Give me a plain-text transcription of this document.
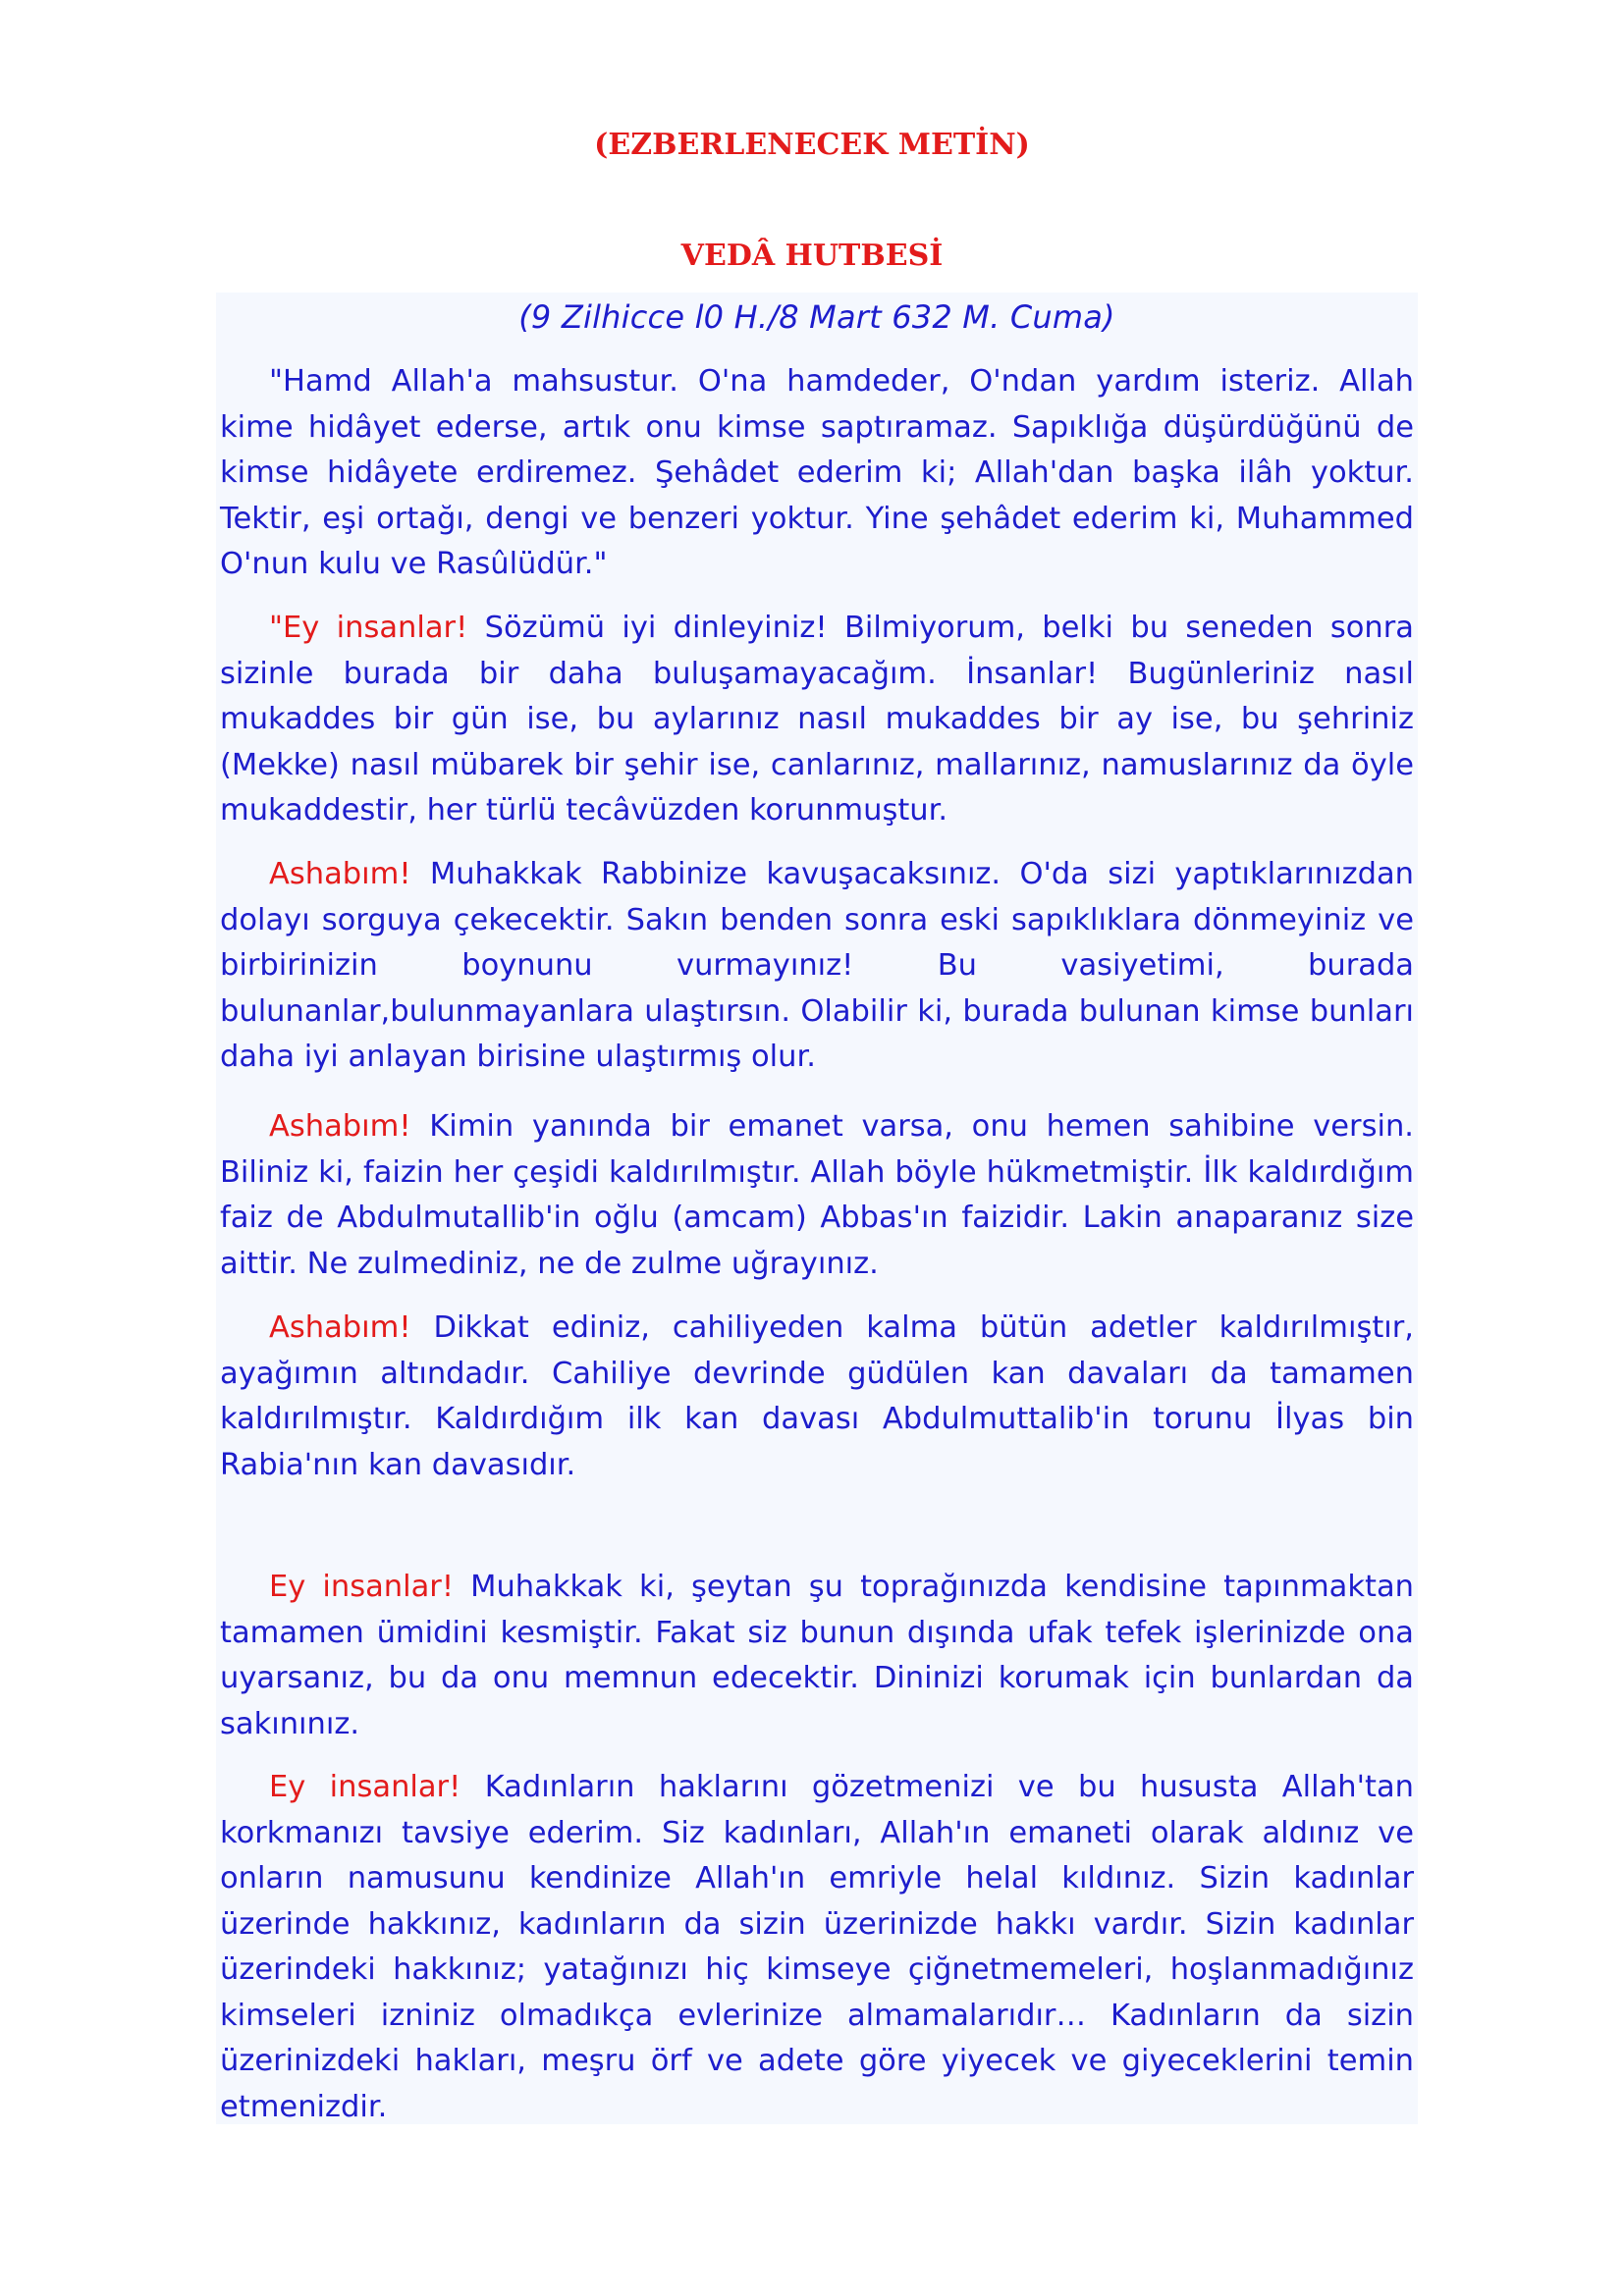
(EZBERLENECEK METİN)
VEDÂ HUTBESİ

(9 Zilhicce l0 H./8 Mart 632 M. Cuma)

"Hamd Allah'a mahsustur. O'na hamdeder, O'ndan yardım isteriz. Allah kime hidâyet ederse, artık onu kimse saptıramaz. Sapıklığa düşürdüğünü de kimse hidâyete erdiremez. Şehâdet ederim ki; Allah'dan başka ilâh yoktur. Tektir, eşi ortağı, dengi ve benzeri yoktur. Yine şehâdet ederim ki, Muhammed O'nun kulu ve Rasûlüdür."

"Ey insanlar! Sözümü iyi dinleyiniz! Bilmiyorum, belki bu seneden sonra sizinle burada bir daha buluşamayacağım. İnsanlar! Bugünleriniz nasıl mukaddes bir gün ise, bu aylarınız nasıl mukaddes bir ay ise, bu şehriniz (Mekke) nasıl mübarek bir şehir ise, canlarınız, mallarınız, namuslarınız da öyle mukaddestir, her türlü tecâvüzden korunmuştur.

Ashabım! Muhakkak Rabbinize kavuşacaksınız. O'da sizi yaptıklarınızdan dolayı sorguya çekecektir. Sakın benden sonra eski sapıklıklara dönmeyiniz ve birbirinizin boynunu vurmayınız! Bu vasiyetimi, burada bulunanlar,bulunmayanlara ulaştırsın. Olabilir ki, burada bulunan kimse bunları daha iyi anlayan birisine ulaştırmış olur.

Ashabım! Kimin yanında bir emanet varsa, onu hemen sahibine versin. Biliniz ki, faizin her çeşidi kaldırılmıştır. Allah böyle hükmetmiştir. İlk kaldırdığım faiz de Abdulmutallib'in oğlu (amcam) Abbas'ın faizidir. Lakin anaparanız size aittir. Ne zulmediniz, ne de zulme uğrayınız.

Ashabım! Dikkat ediniz, cahiliyeden kalma bütün adetler kaldırılmıştır, ayağımın altındadır. Cahiliye devrinde güdülen kan davaları da tamamen kaldırılmıştır. Kaldırdığım ilk kan davası Abdulmuttalib'in torunu İlyas bin Rabia'nın kan davasıdır.

Ey insanlar! Muhakkak ki, şeytan şu toprağınızda kendisine tapınmaktan tamamen ümidini kesmiştir. Fakat siz bunun dışında ufak tefek işlerinizde ona uyarsanız, bu da onu memnun edecektir. Dininizi korumak için bunlardan da sakınınız.

Ey insanlar! Kadınların haklarını gözetmenizi ve bu hususta Allah'tan korkmanızı tavsiye ederim. Siz kadınları, Allah'ın emaneti olarak aldınız ve onların namusunu kendinize Allah'ın emriyle helal kıldınız. Sizin kadınlar üzerinde hakkınız, kadınların da sizin üzerinizde hakkı vardır. Sizin kadınlar üzerindeki hakkınız; yatağınızı hiç kimseye çiğnetmemeleri, hoşlanmadığınız kimseleri izniniz olmadıkça evlerinize almamalarıdır… Kadınların da sizin üzerinizdeki hakları, meşru örf ve adete göre yiyecek ve giyeceklerini temin etmenizdir.
